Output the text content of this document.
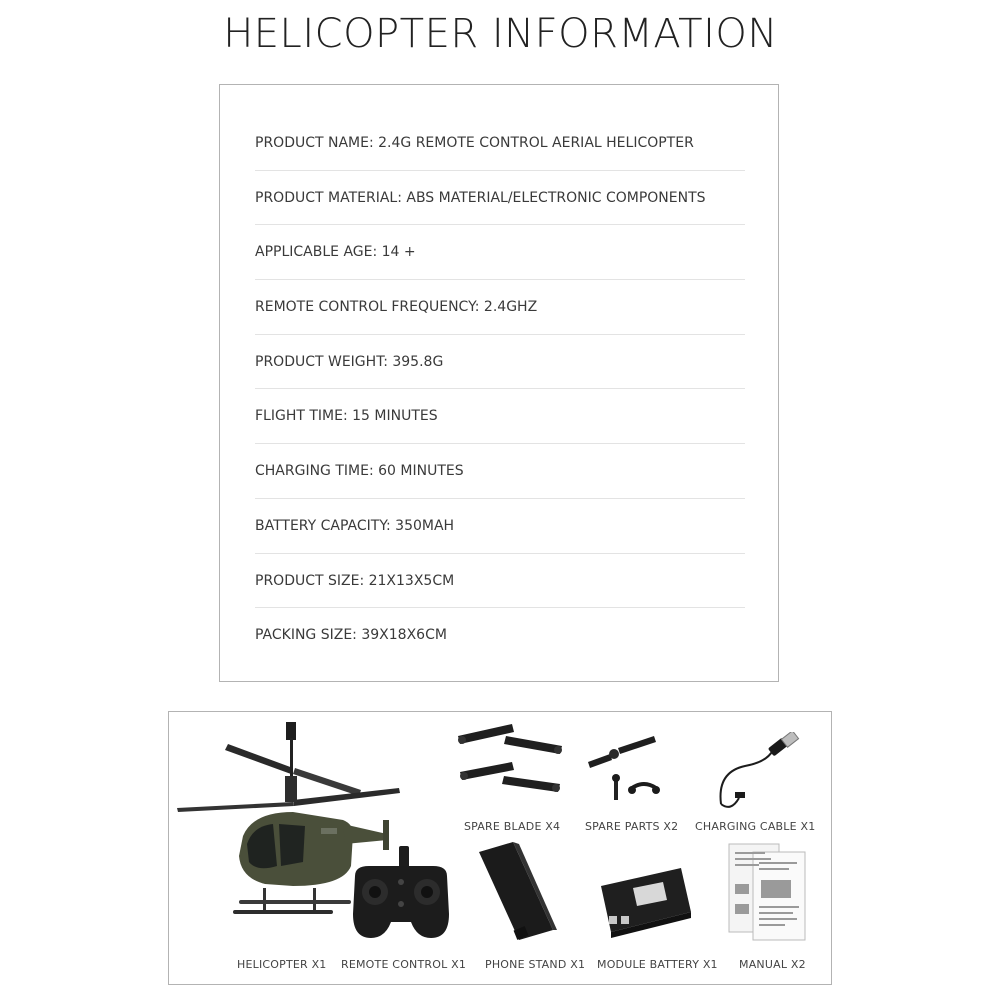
HELICOPTER INFORMATION
PRODUCT NAME: 2.4G REMOTE CONTROL AERIAL HELICOPTER
PRODUCT MATERIAL: ABS MATERIAL/ELECTRONIC COMPONENTS
APPLICABLE AGE: 14 +
REMOTE CONTROL FREQUENCY: 2.4GHZ
PRODUCT WEIGHT: 395.8G
FLIGHT TIME: 15 MINUTES
CHARGING TIME: 60 MINUTES
BATTERY CAPACITY: 350MAH
PRODUCT SIZE: 21X13X5CM
PACKING SIZE: 39X18X6CM
HELICOPTER X1
SPARE BLADE X4 SPARE PARTS X2 CHARGING CABLE X1
REMOTE CONTROL X1 PHONE STAND X1 MODULE BATTERY X1 MANUAL X2
